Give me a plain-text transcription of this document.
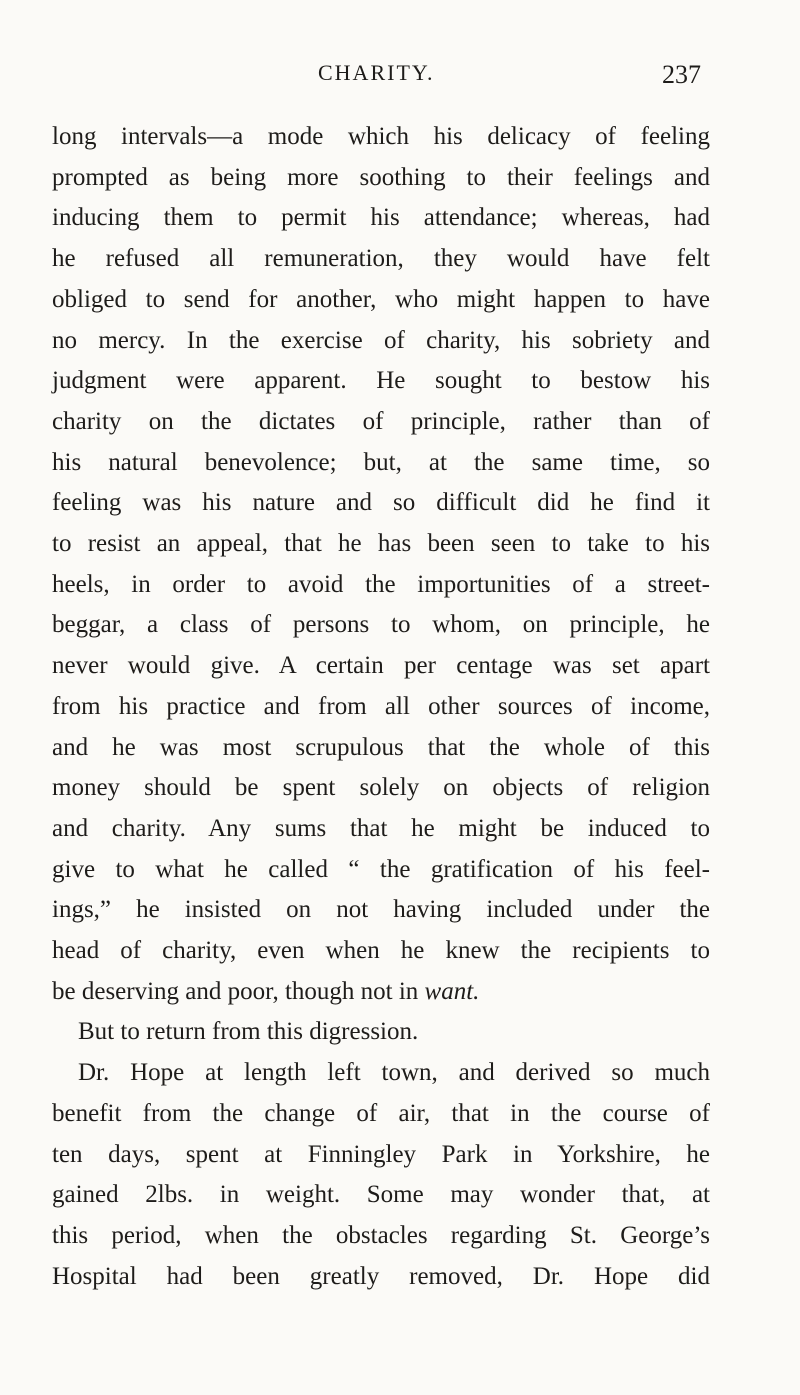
CHARITY.	237
long intervals—a mode which his delicacy of feeling
prompted as being more soothing to their feelings and
inducing them to permit his attendance; whereas, had
he refused all remuneration, they would have felt
obliged to send for another, who might happen to have
no mercy. In the exercise of charity, his sobriety and
judgment were apparent. He sought to bestow his
charity on the dictates of principle, rather than of
his natural benevolence; but, at the same time, so
feeling was his nature and so difficult did he find it
to resist an appeal, that he has been seen to take to his
heels, in order to avoid the importunities of a street-
beggar, a class of persons to whom, on principle, he
never would give. A certain per centage was set apart
from his practice and from all other sources of income,
and he was most scrupulous that the whole of this
money should be spent solely on objects of religion
and charity. Any sums that he might be induced to
give to what he called “ the gratification of his feel-
ings,” he insisted on not having included under the
head of charity, even when he knew the recipients to
be deserving and poor, though not in want.
But to return from this digression.
Dr. Hope at length left town, and derived so much
benefit from the change of air, that in the course of
ten days, spent at Finningley Park in Yorkshire, he
gained 2lbs. in weight. Some may wonder that, at
this period, when the obstacles regarding St. George’s
Hospital had been greatly removed, Dr. Hope did
